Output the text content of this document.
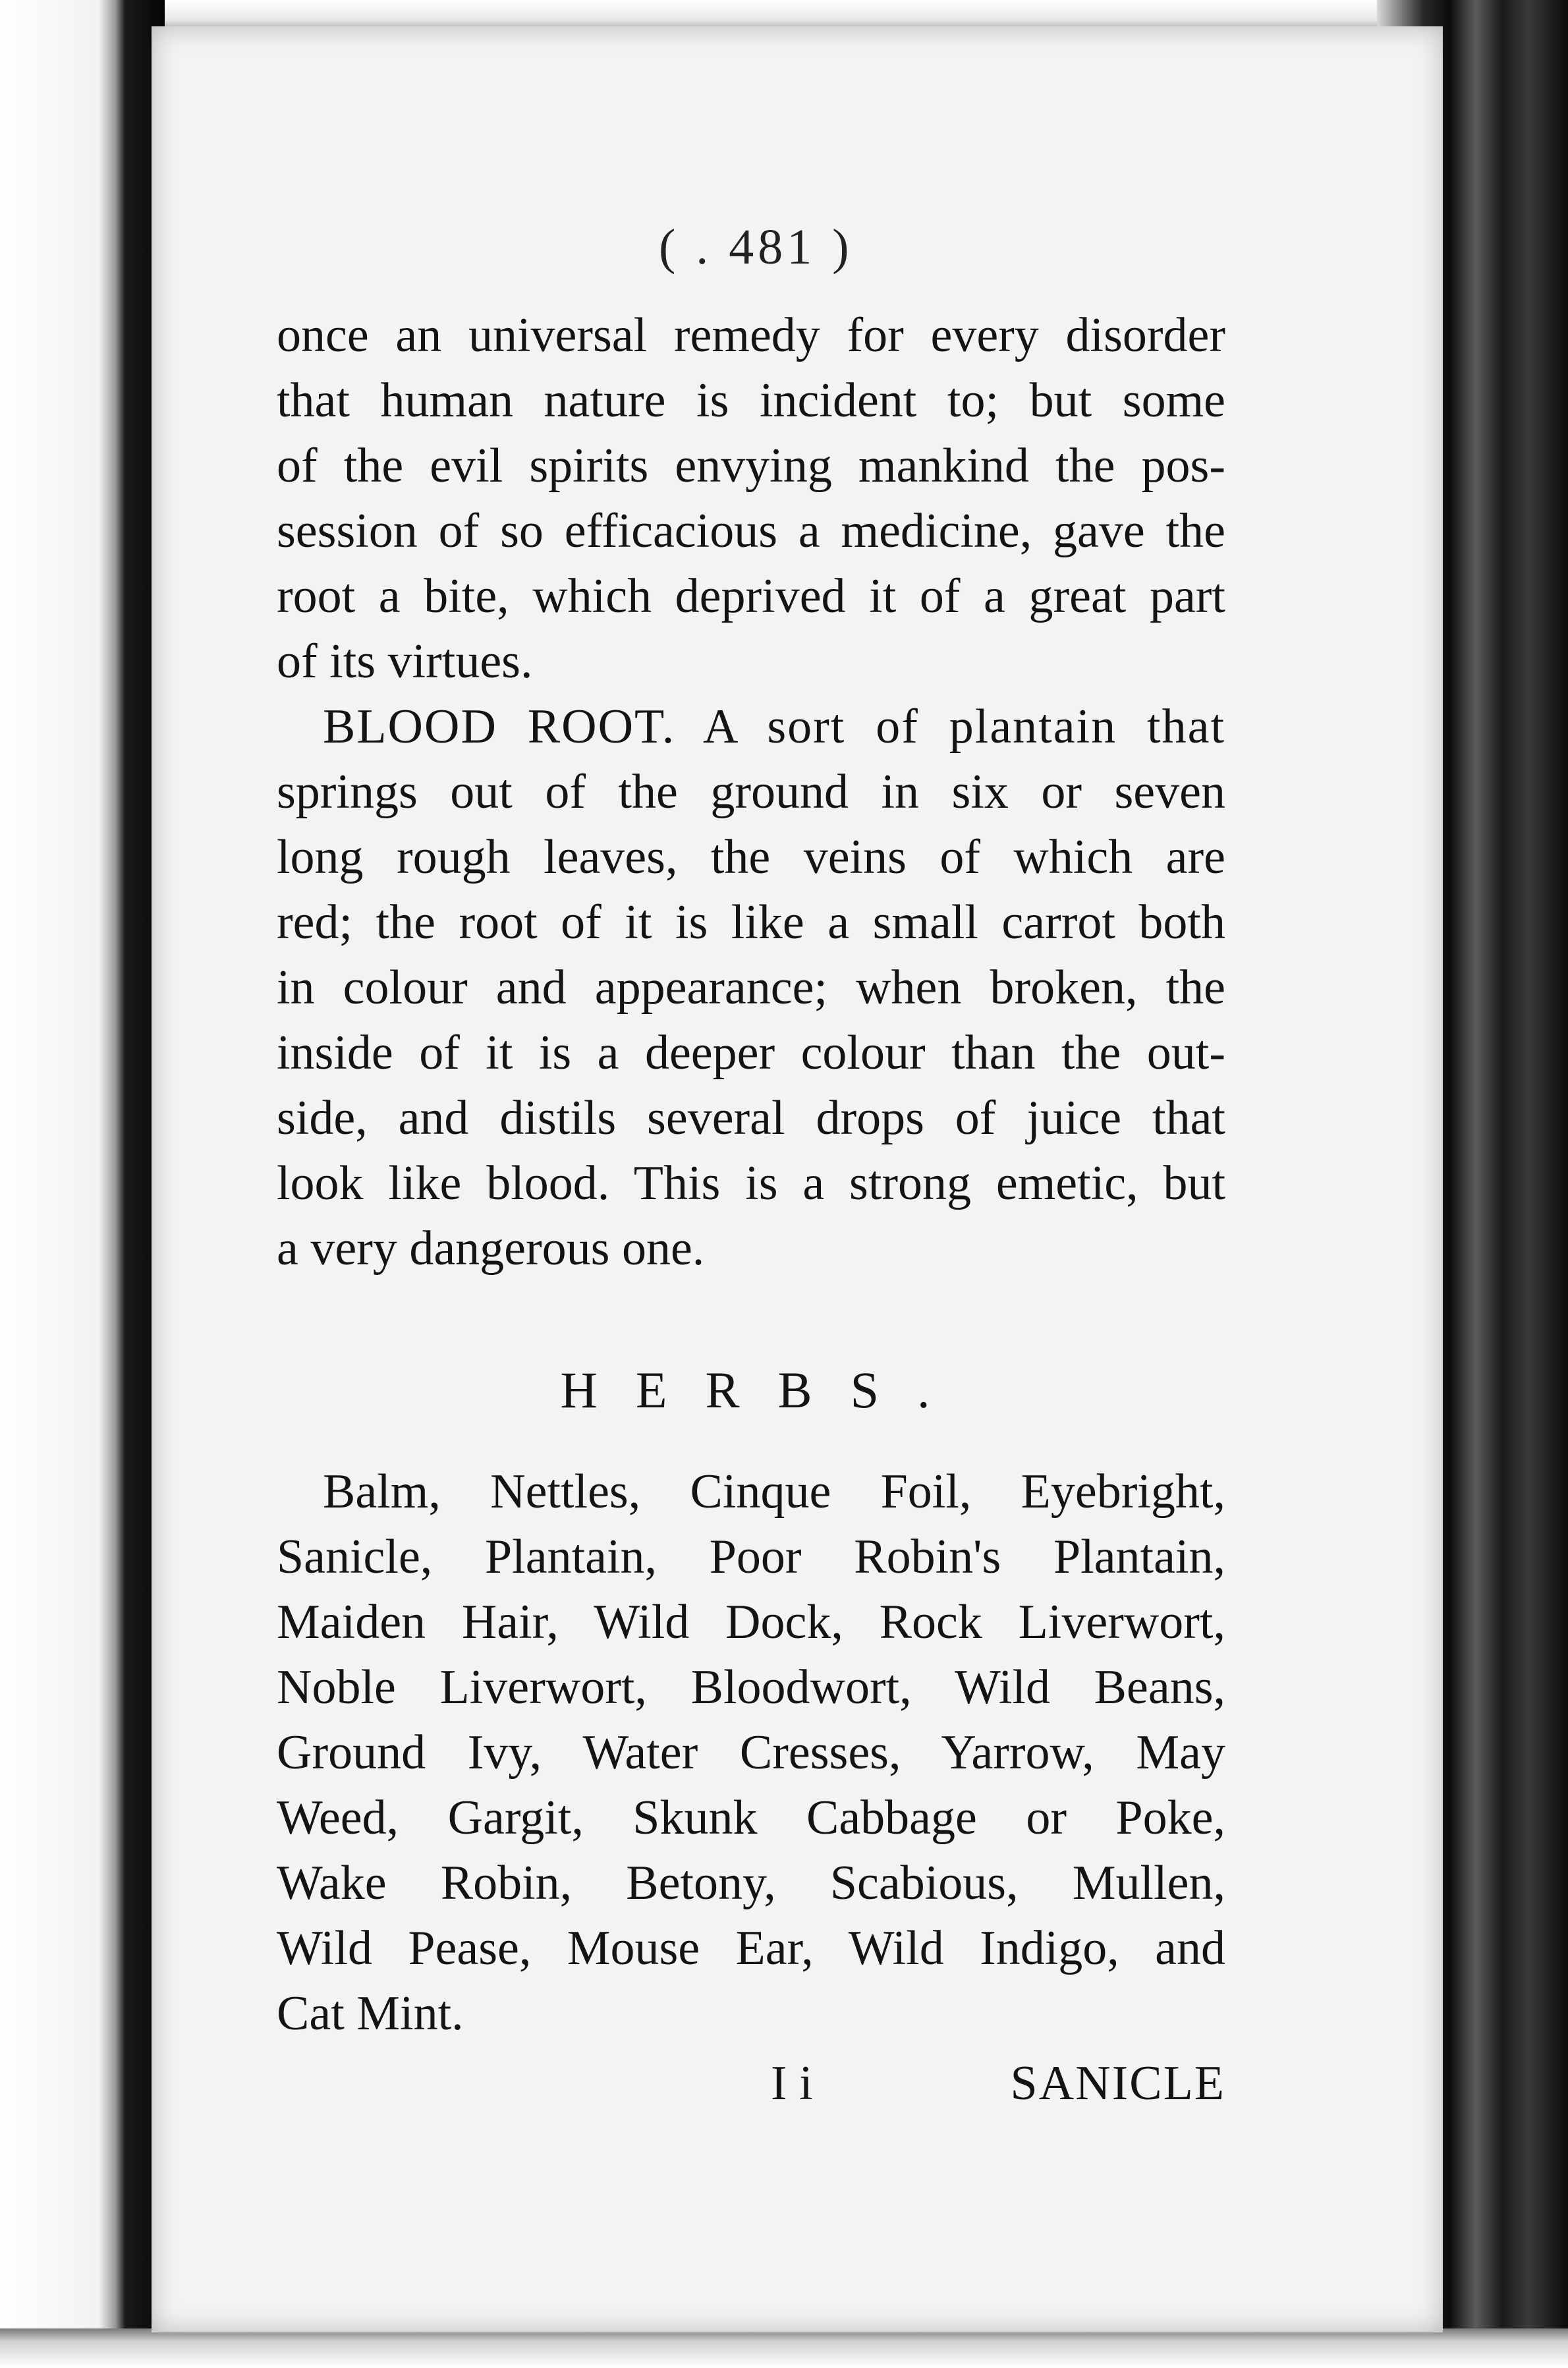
( . 481 )
once an universal remedy for every disorder
that human nature is incident to; but some
of the evil spirits envying mankind the pos-
session of so efficacious a medicine, gave the
root a bite, which deprived it of a great part
of its virtues.
BLOOD ROOT. A sort of plantain that
springs out of the ground in six or seven
long rough leaves, the veins of which are
red; the root of it is like a small carrot both
in colour and appearance; when broken, the
inside of it is a deeper colour than the out-
side, and distils several drops of juice that
look like blood. This is a strong emetic, but
a very dangerous one.
HERBS.
Balm, Nettles, Cinque Foil, Eyebright,
Sanicle, Plantain, Poor Robin's Plantain,
Maiden Hair, Wild Dock, Rock Liverwort,
Noble Liverwort, Bloodwort, Wild Beans,
Ground Ivy, Water Cresses, Yarrow, May
Weed, Gargit, Skunk Cabbage or Poke,
Wake Robin, Betony, Scabious, Mullen,
Wild Pease, Mouse Ear, Wild Indigo, and
Cat Mint.
I i	SANICLE
